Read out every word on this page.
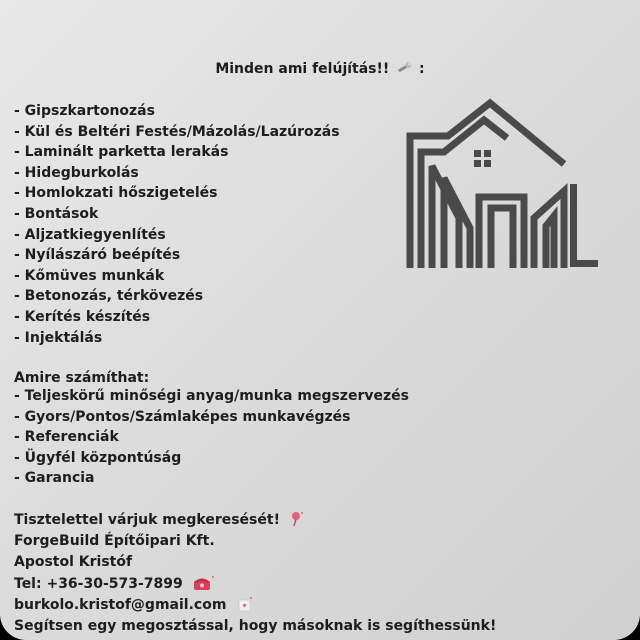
Minden ami felújítás!! :
- Gipszkartonozás
- Kül és Beltéri Festés/Mázolás/Lazúrozás
- Laminált parketta lerakás
- Hidegburkolás
- Homlokzati hőszigetelés
- Bontások
- Aljzatkiegyenlítés
- Nyílászáró beépítés
- Kőmüves munkák
- Betonozás, térkövezés
- Kerítés készítés
- Injektálás
Amire számíthat:
- Teljeskörű minőségi anyag/munka megszervezés
- Gyors/Pontos/Számlaképes munkavégzés
- Referenciák
- Ügyfél központúság
- Garancia
Tisztelettel várjuk megkeresését!
ForgeBuild Építőipari Kft.
Apostol Kristóf
Tel: +36-30-573-7899
burkolo.kristof@gmail.com
Segítsen egy megosztással, hogy másoknak is segíthessünk!
